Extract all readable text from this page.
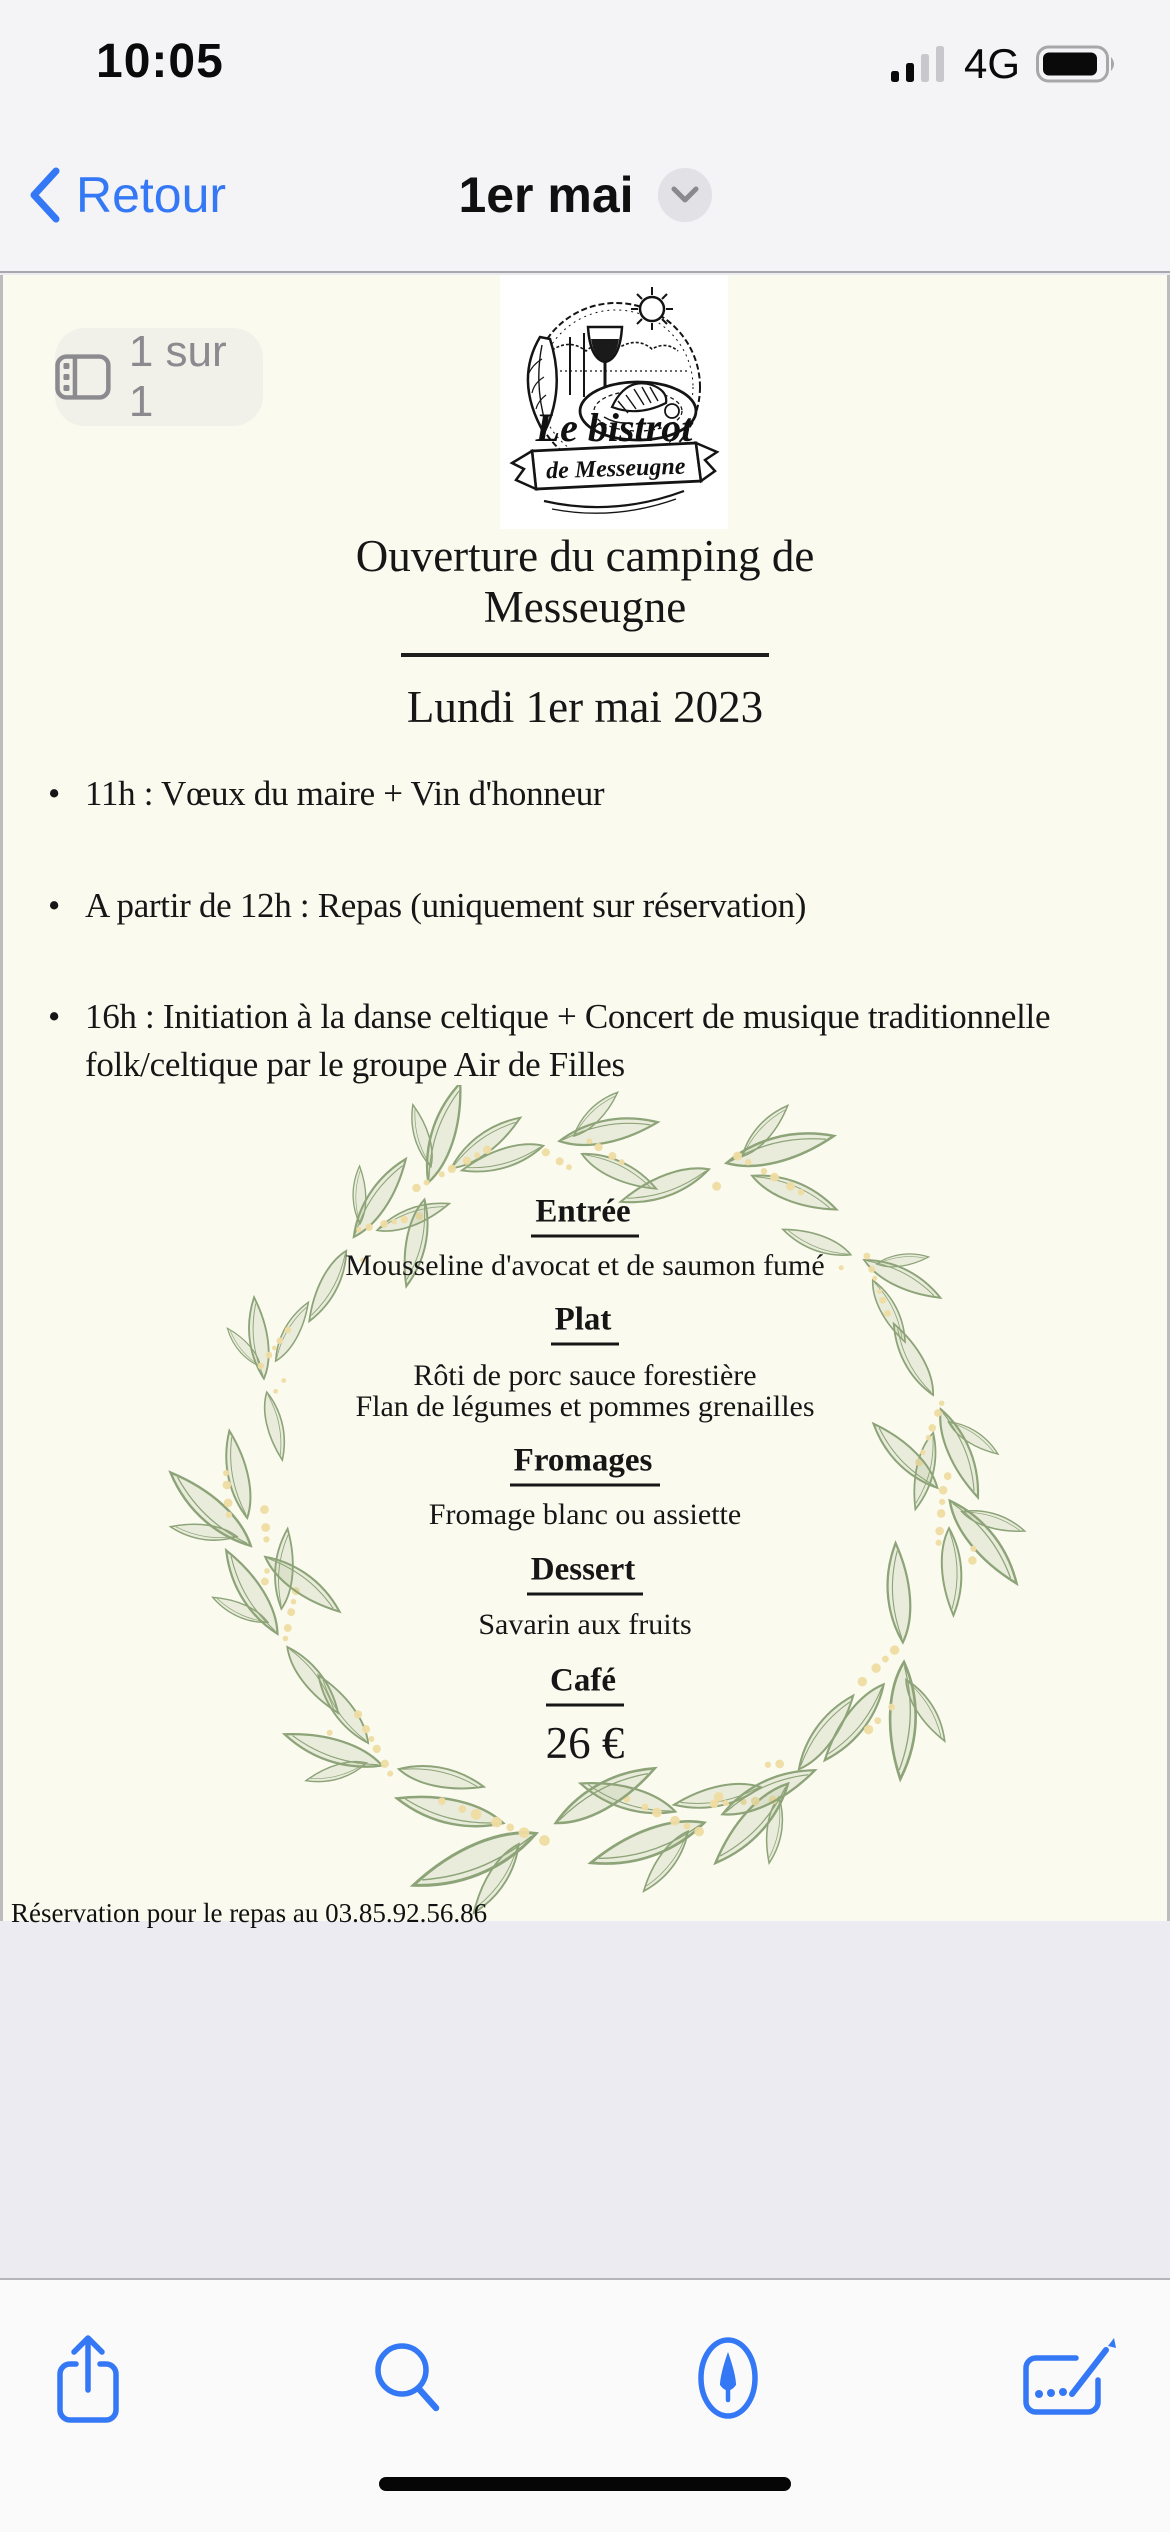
10:05	4G
Retour	1er mai
1 sur 1
Le bistrot
de Messeugne
Ouverture du camping de
Messeugne
Lundi 1er mai 2023
• 11h : Vœux du maire + Vin d'honneur
• A partir de 12h : Repas (uniquement sur réservation)
• 16h : Initiation à la danse celtique + Concert de musique traditionnelle folk/celtique par le groupe Air de Filles
Entrée
Mousseline d'avocat et de saumon fumé
Plat
Rôti de porc sauce forestière
Flan de légumes et pommes grenailles
Fromages
Fromage blanc ou assiette
Dessert
Savarin aux fruits
Café
26 €
Réservation pour le repas au 03.85.92.56.86
